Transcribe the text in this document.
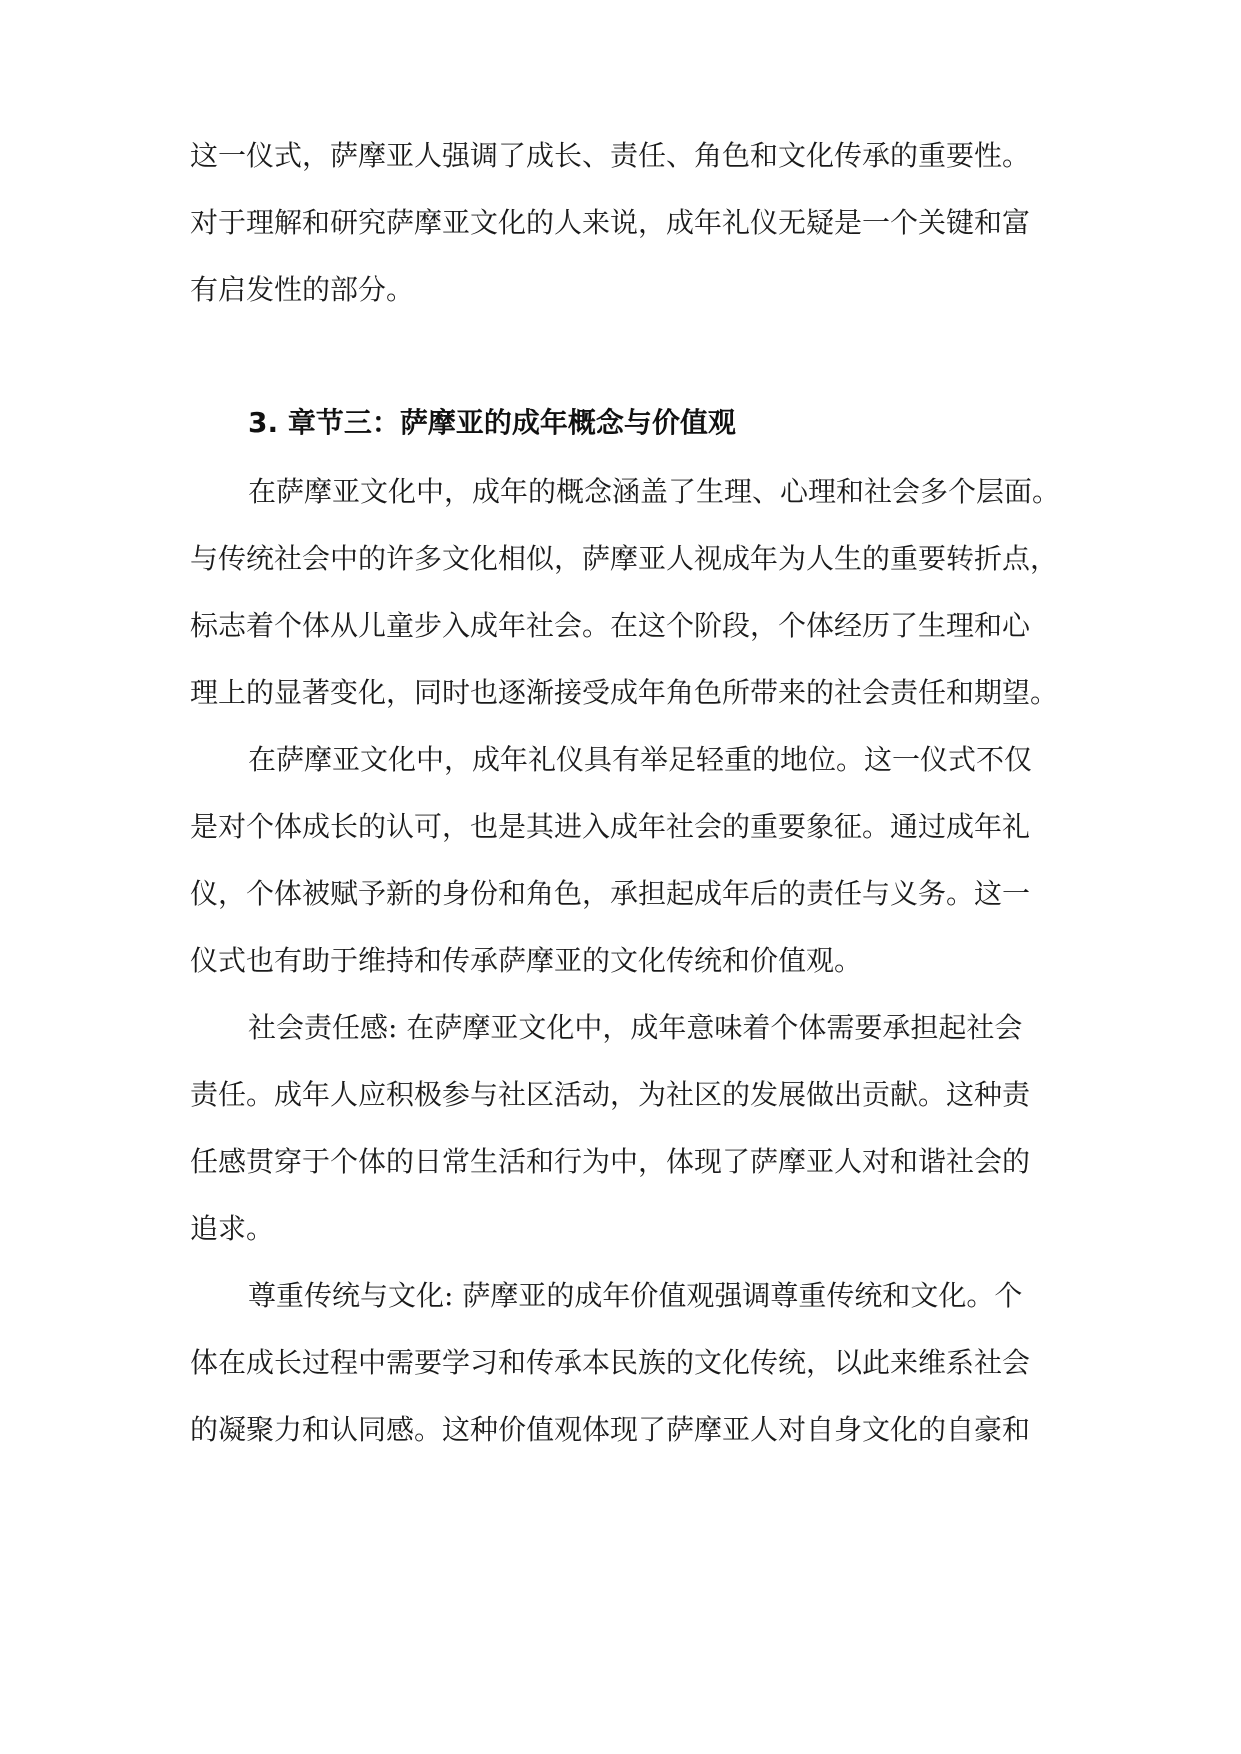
这一仪式，萨摩亚人强调了成长、责任、角色和文化传承的重要性。
对于理解和研究萨摩亚文化的人来说，成年礼仪无疑是一个关键和富
有启发性的部分。
3. 章节三：萨摩亚的成年概念与价值观
在萨摩亚文化中，成年的概念涵盖了生理、心理和社会多个层面。
与传统社会中的许多文化相似，萨摩亚人视成年为人生的重要转折点，
标志着个体从儿童步入成年社会。在这个阶段，个体经历了生理和心
理上的显著变化，同时也逐渐接受成年角色所带来的社会责任和期望。
在萨摩亚文化中，成年礼仪具有举足轻重的地位。这一仪式不仅
是对个体成长的认可，也是其进入成年社会的重要象征。通过成年礼
仪，个体被赋予新的身份和角色，承担起成年后的责任与义务。这一
仪式也有助于维持和传承萨摩亚的文化传统和价值观。
社会责任感: 在萨摩亚文化中，成年意味着个体需要承担起社会
责任。成年人应积极参与社区活动，为社区的发展做出贡献。这种责
任感贯穿于个体的日常生活和行为中，体现了萨摩亚人对和谐社会的
追求。
尊重传统与文化: 萨摩亚的成年价值观强调尊重传统和文化。个
体在成长过程中需要学习和传承本民族的文化传统，以此来维系社会
的凝聚力和认同感。这种价值观体现了萨摩亚人对自身文化的自豪和
